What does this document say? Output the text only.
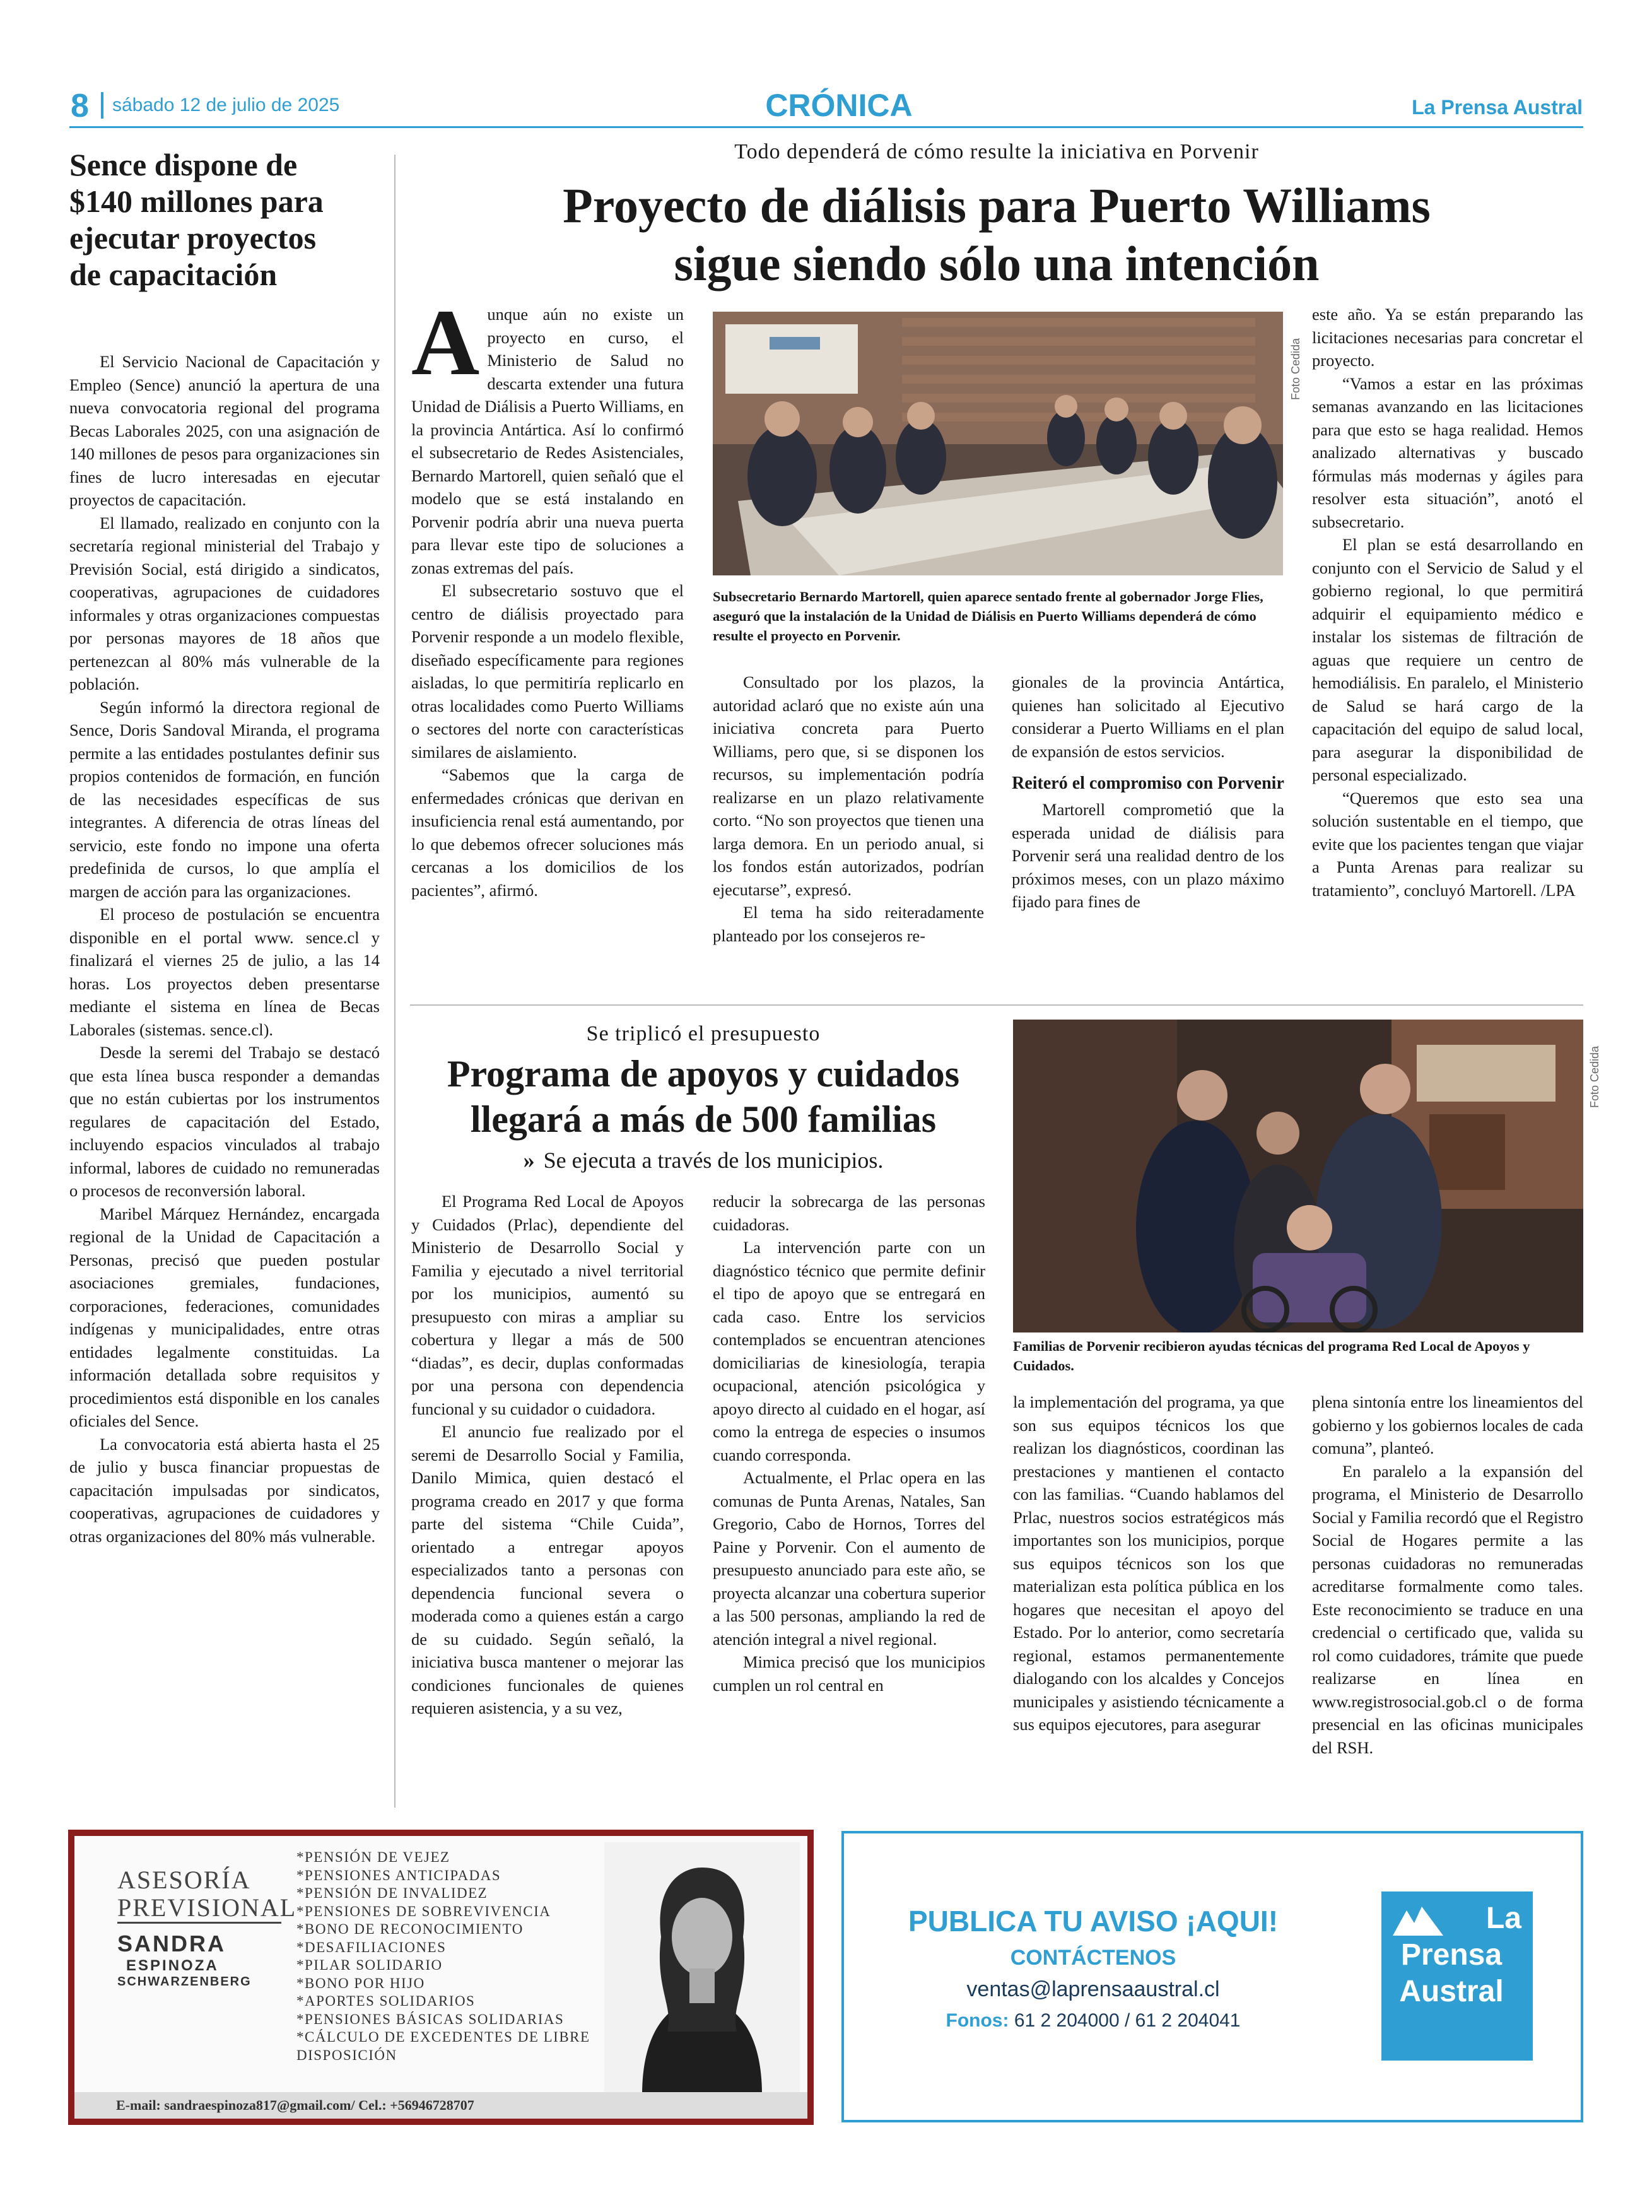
8 sábado 12 de julio de 2025	CRÓNICA	La Prensa Austral
Sence dispone de $140 millones para ejecutar proyectos de capacitación

El Servicio Nacional de Capacitación y Empleo (Sence) anunció la apertura de una nueva convocatoria regional del programa Becas Laborales 2025, con una asignación de 140 millones de pesos para organizaciones sin fines de lucro interesadas en ejecutar proyectos de capacitación.

El llamado, realizado en conjunto con la secretaría regional ministerial del Trabajo y Previsión Social, está dirigido a sindicatos, cooperativas, agrupaciones de cuidadores informales y otras organizaciones compuestas por personas mayores de 18 años que pertenezcan al 80% más vulnerable de la población.

Según informó la directora regional de Sence, Doris Sandoval Miranda, el programa permite a las entidades postulantes definir sus propios contenidos de formación, en función de las necesidades específicas de sus integrantes. A diferencia de otras líneas del servicio, este fondo no impone una oferta predefinida de cursos, lo que amplía el margen de acción para las organizaciones.

El proceso de postulación se encuentra disponible en el portal www. sence.cl y finalizará el viernes 25 de julio, a las 14 horas. Los proyectos deben presentarse mediante el sistema en línea de Becas Laborales (sistemas. sence.cl).

Desde la seremi del Trabajo se destacó que esta línea busca responder a demandas que no están cubiertas por los instrumentos regulares de capacitación del Estado, incluyendo espacios vinculados al trabajo informal, labores de cuidado no remuneradas o procesos de reconversión laboral.

Maribel Márquez Hernández, encargada regional de la Unidad de Capacitación a Personas, precisó que pueden postular asociaciones gremiales, fundaciones, corporaciones, federaciones, comunidades indígenas y municipalidades, entre otras entidades legalmente constituidas. La información detallada sobre requisitos y procedimientos está disponible en los canales oficiales del Sence.

La convocatoria está abierta hasta el 25 de julio y busca financiar propuestas de capacitación impulsadas por sindicatos, cooperativas, agrupaciones de cuidadores y otras organizaciones del 80% más vulnerable.

Todo dependerá de cómo resulte la iniciativa en Porvenir
Proyecto de diálisis para Puerto Williams
sigue siendo sólo una intención
A unque aún no existe un proyecto en curso, el Ministerio de Salud no descarta extender una futura Unidad de Diálisis a Puerto Williams, en la provincia Antártica. Así lo confirmó el subsecretario de Redes Asistenciales, Bernardo Martorell, quien señaló que el modelo que se está instalando en Porvenir podría abrir una nueva puerta para llevar este tipo de soluciones a zonas extremas del país.

El subsecretario sostuvo que el centro de diálisis proyectado para Porvenir responde a un modelo flexible, diseñado específicamente para regiones aisladas, lo que permitiría replicarlo en otras localidades como Puerto Williams o sectores del norte con características similares de aislamiento.

“Sabemos que la carga de enfermedades crónicas que derivan en insuficiencia renal está aumentando, por lo que debemos ofrecer soluciones más cercanas a los domicilios de los pacientes”, afirmó.

Foto Cedida
Subsecretario Bernardo Martorell, quien aparece sentado frente al gobernador Jorge Flies, aseguró que la instalación de la Unidad de Diálisis en Puerto Williams dependerá de cómo resulte el proyecto en Porvenir.

Consultado por los plazos, la autoridad aclaró que no existe aún una iniciativa concreta para Puerto Williams, pero que, si se disponen los recursos, su implementación podría realizarse en un plazo relativamente corto. “No son proyectos que tienen una larga demora. En un periodo anual, si los fondos están autorizados, podrían ejecutarse”, expresó.

El tema ha sido reiteradamente planteado por los consejeros re-

gionales de la provincia Antártica, quienes han solicitado al Ejecutivo considerar a Puerto Williams en el plan de expansión de estos servicios.

Reiteró el compromiso con Porvenir

Martorell comprometió que la esperada unidad de diálisis para Porvenir será una realidad dentro de los próximos meses, con un plazo máximo fijado para fines de

este año. Ya se están preparando las licitaciones necesarias para concretar el proyecto.

“Vamos a estar en las próximas semanas avanzando en las licitaciones para que esto se haga realidad. Hemos analizado alternativas y buscado fórmulas más modernas y ágiles para resolver esta situación”, anotó el subsecretario.

El plan se está desarrollando en conjunto con el Servicio de Salud y el gobierno regional, lo que permitirá adquirir el equipamiento médico e instalar los sistemas de filtración de aguas que requiere un centro de hemodiálisis. En paralelo, el Ministerio de Salud se hará cargo de la capacitación del equipo de salud local, para asegurar la disponibilidad de personal especializado.

“Queremos que esto sea una solución sustentable en el tiempo, que evite que los pacientes tengan que viajar a Punta Arenas para realizar su tratamiento”, concluyó Martorell. /LPA

Se triplicó el presupuesto
Programa de apoyos y cuidados
llegará a más de 500 familias
» Se ejecuta a través de los municipios.

El Programa Red Local de Apoyos y Cuidados (Prlac), dependiente del Ministerio de Desarrollo Social y Familia y ejecutado a nivel territorial por los municipios, aumentó su presupuesto con miras a ampliar su cobertura y llegar a más de 500 “diadas”, es decir, duplas conformadas por una persona con dependencia funcional y su cuidador o cuidadora.

El anuncio fue realizado por el seremi de Desarrollo Social y Familia, Danilo Mimica, quien destacó el programa creado en 2017 y que forma parte del sistema “Chile Cuida”, orientado a entregar apoyos especializados tanto a personas con dependencia funcional severa o moderada como a quienes están a cargo de su cuidado. Según señaló, la iniciativa busca mantener o mejorar las condiciones funcionales de quienes requieren asistencia, y a su vez,

reducir la sobrecarga de las personas cuidadoras.

La intervención parte con un diagnóstico técnico que permite definir el tipo de apoyo que se entregará en cada caso. Entre los servicios contemplados se encuentran atenciones domiciliarias de kinesiología, terapia ocupacional, atención psicológica y apoyo directo al cuidado en el hogar, así como la entrega de especies o insumos cuando corresponda.

Actualmente, el Prlac opera en las comunas de Punta Arenas, Natales, San Gregorio, Cabo de Hornos, Torres del Paine y Porvenir. Con el aumento de presupuesto anunciado para este año, se proyecta alcanzar una cobertura superior a las 500 personas, ampliando la red de atención integral a nivel regional.

Mimica precisó que los municipios cumplen un rol central en

Foto Cedida
Familias de Porvenir recibieron ayudas técnicas del programa Red Local de Apoyos y Cuidados.

la implementación del programa, ya que son sus equipos técnicos los que realizan los diagnósticos, coordinan las prestaciones y mantienen el contacto con las familias. “Cuando hablamos del Prlac, nuestros socios estratégicos más importantes son los municipios, porque sus equipos técnicos son los que materializan esta política pública en los hogares que necesitan el apoyo del Estado. Por lo anterior, como secretaría regional, estamos permanentemente dialogando con los alcaldes y Concejos municipales y asistiendo técnicamente a sus equipos ejecutores, para asegurar

plena sintonía entre los lineamientos del gobierno y los gobiernos locales de cada comuna”, planteó.

En paralelo a la expansión del programa, el Ministerio de Desarrollo Social y Familia recordó que el Registro Social de Hogares permite a las personas cuidadoras no remuneradas acreditarse formalmente como tales. Este reconocimiento se traduce en una credencial o certificado que, valida su rol como cuidadores, trámite que puede realizarse en línea en www.registrosocial.gob.cl o de forma presencial en las oficinas municipales del RSH.

ASESORÍA
PREVISIONAL
SANDRA
ESPINOZA
SCHWARZENBERG
*PENSIÓN DE VEJEZ
*PENSIONES ANTICIPADAS
*PENSIÓN DE INVALIDEZ
*PENSIONES DE SOBREVIVENCIA
*BONO DE RECONOCIMIENTO
*DESAFILIACIONES
*PILAR SOLIDARIO
*BONO POR HIJO
*APORTES SOLIDARIOS
*PENSIONES BÁSICAS SOLIDARIAS
*CÁLCULO DE EXCEDENTES DE LIBRE DISPOSICIÓN
E-mail: sandraespinoza817@gmail.com/ Cel.: +56946728707
PUBLICA TU AVISO ¡AQUI!
CONTÁCTENOS
ventas@laprensaaustral.cl
Fonos: 61 2 204000 / 61 2 204041
La
Prensa
Austral
